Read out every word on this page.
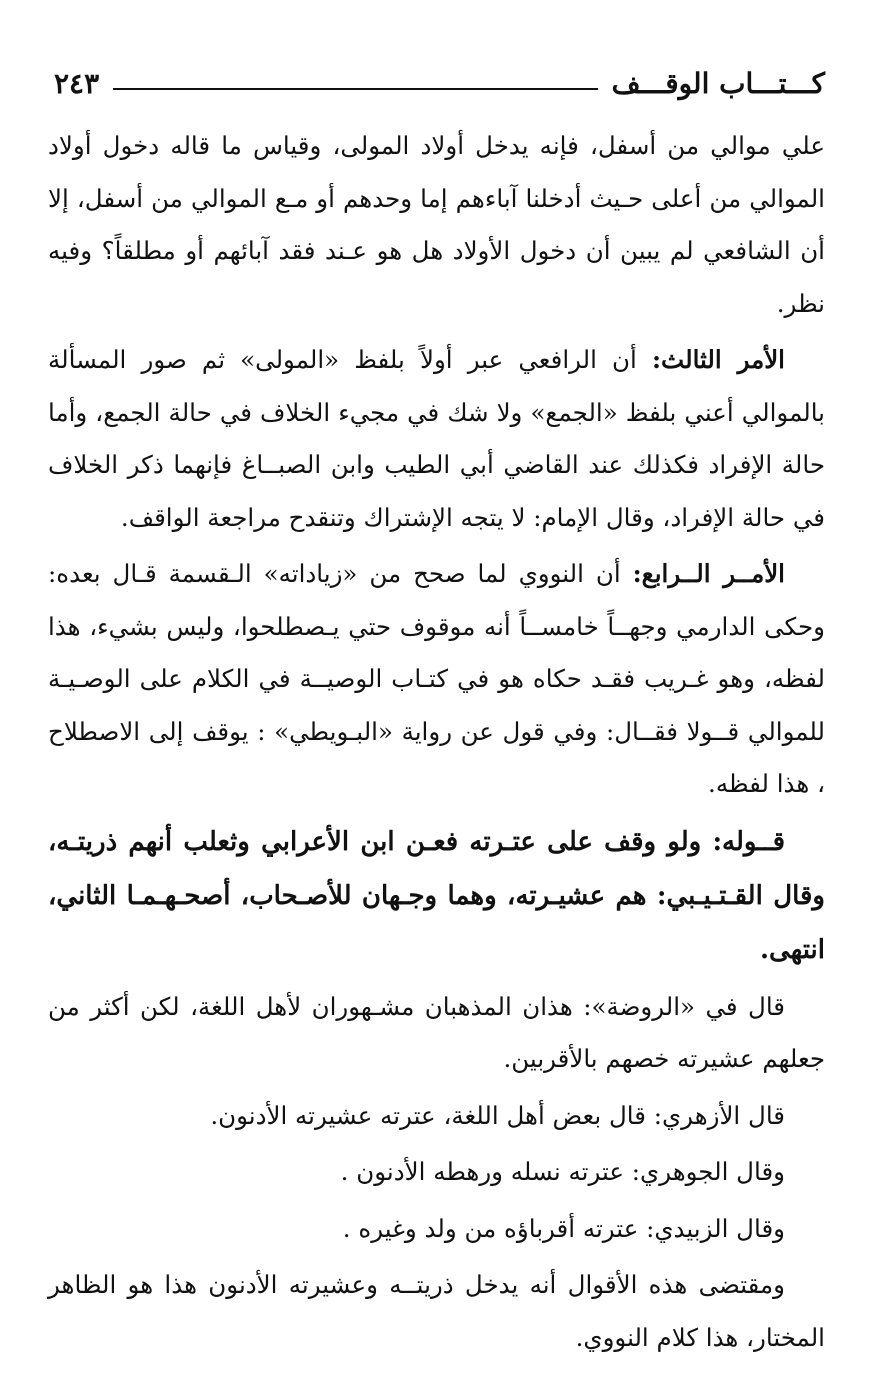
كـــتـــاب الوقـــف
٢٤٣

علي موالي من أسفل، فإنه يدخل أولاد المولى، وقياس ما قاله دخول أولاد الموالي من أعلى حـيث أدخلنا آباءهم إما وحدهم أو مـع الموالي من أسفل، إلا أن الشافعي لم يبين أن دخول الأولاد هل هو عـند فقد آبائهم أو مطلقاً؟ وفيه نظر.

الأمر الثالث: أن الرافعي عبر أولاً بلفظ «المولى» ثم صور المسألة بالموالي أعني بلفظ «الجمع» ولا شك في مجيء الخلاف في حالة الجمع، وأما حالة الإفراد فكذلك عند القاضي أبي الطيب وابن الصبــاغ فإنهما ذكر الخلاف في حالة الإفراد، وقال الإمام: لا يتجه الإشتراك وتنقدح مراجعة الواقف.

الأمــر الــرابع: أن النووي لما صحح من «زياداته» الـقسمة قـال بعده: وحكى الدارمي وجهــاً خامســاً أنه موقوف حتي يـصطلحوا، وليس بشيء، هذا لفظه، وهو غـريب فقـد حكاه هو في كتـاب الوصيــة في الكلام على الوصـيـة للموالي قــولا فقــال: وفي قول عن رواية «البـويطي» : يوقف إلى الاصطلاح ، هذا لفظه.

قــوله: ولو وقف على عتـرته فعـن ابن الأعرابي وثعلب أنهم ذريتـه، وقال القـتـيـبي: هم عشيـرته، وهما وجـهان للأصـحاب، أصحـهـمـا الثاني، انتهى.

قال في «الروضة»: هذان المذهبان مشـهوران لأهل اللغة، لكن أكثر من جعلهم عشيرته خصهم بالأقربين.

قال الأزهري: قال بعض أهل اللغة، عترته عشيرته الأدنون.

وقال الجوهري: عترته نسله ورهطه الأدنون .

وقال الزبيدي: عترته أقرباؤه من ولد وغيره .

ومقتضى هذه الأقوال أنه يدخل ذريتــه وعشيرته الأدنون هذا هو الظاهر المختار، هذا كلام النووي.
